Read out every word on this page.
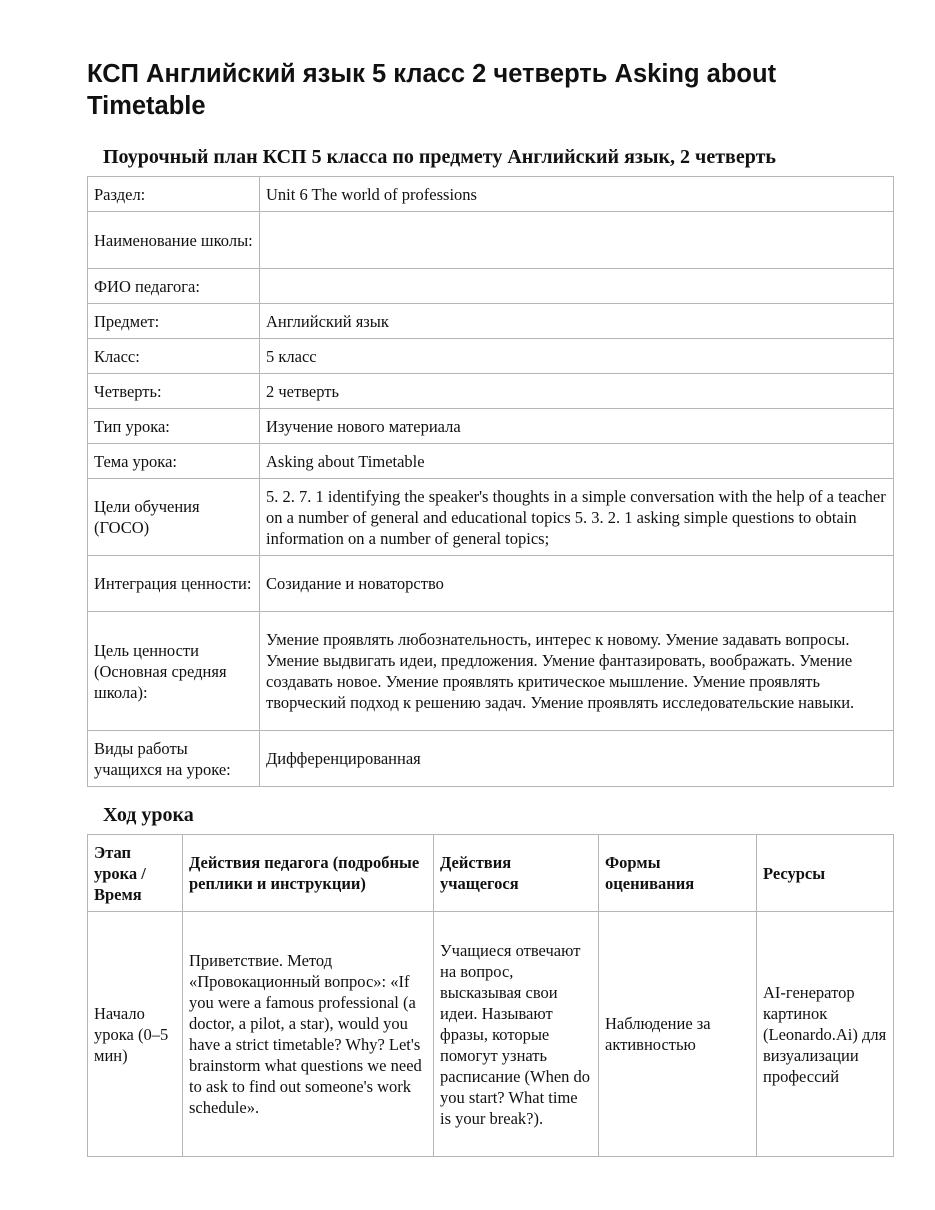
КСП Английский язык 5 класс 2 четверть Asking about Timetable
Поурочный план КСП 5 класса по предмету Английский язык, 2 четверть
Раздел:	Unit 6 The world of professions
Наименование школы:	
ФИО педагога:	
Предмет:	Английский язык
Класс:	5 класс
Четверть:	2 четверть
Тип урока:	Изучение нового материала
Тема урока:	Asking about Timetable
Цели обучения (ГОСО)	5. 2. 7. 1 identifying the speaker's thoughts in a simple conversation with the help of a teacher on a number of general and educational topics 5. 3. 2. 1 asking simple questions to obtain information on a number of general topics;
Интеграция ценности:	Созидание и новаторство
Цель ценности (Основная средняя школа):	Умение проявлять любознательность, интерес к новому. Умение задавать вопросы. Умение выдвигать идеи, предложения. Умение фантазировать, воображать. Умение создавать новое. Умение проявлять критическое мышление. Умение проявлять творческий подход к решению задач. Умение проявлять исследовательские навыки.
Виды работы учащихся на уроке:	Дифференцированная
Ход урока
Этап урока / Время	Действия педагога (подробные реплики и инструкции)	Действия учащегося	Формы оценивания	Ресурсы
Начало урока (0–5 мин)	Приветствие. Метод «Провокационный вопрос»: «If you were a famous professional (a doctor, a pilot, a star), would you have a strict timetable? Why? Let's brainstorm what questions we need to ask to find out someone's work schedule».	Учащиеся отвечают на вопрос, высказывая свои идеи. Называют фразы, которые помогут узнать расписание (When do you start? What time is your break?).	Наблюдение за активностью	AI-генератор картинок (Leonardo.Ai) для визуализации профессий
